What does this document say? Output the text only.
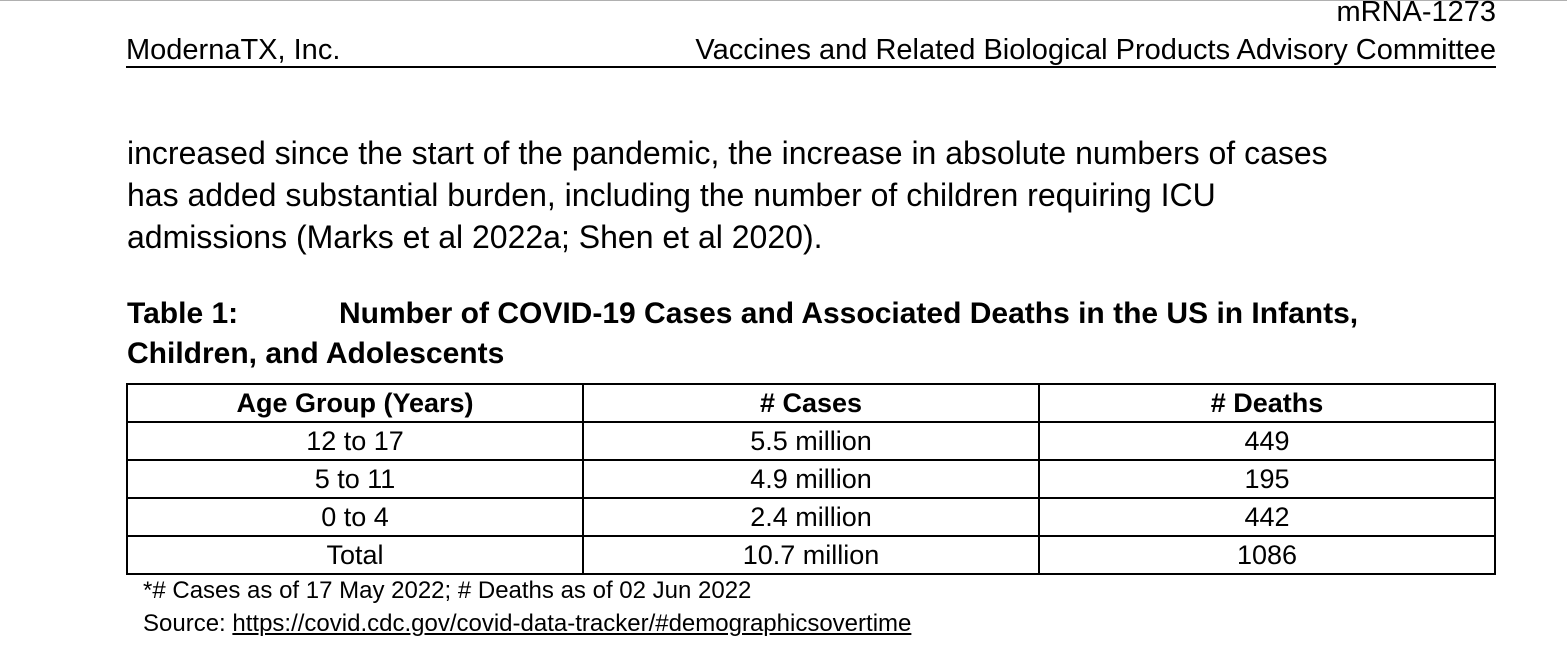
mRNA-1273
ModernaTX, Inc.	Vaccines and Related Biological Products Advisory Committee

increased since the start of the pandemic, the increase in absolute numbers of cases
has added substantial burden, including the number of children requiring ICU
admissions (Marks et al 2022a; Shen et al 2020).

Table 1:	Number of COVID-19 Cases and Associated Deaths in the US in Infants,
Children, and Adolescents
Age Group (Years)	# Cases	# Deaths
12 to 17	5.5 million	449
5 to 11	4.9 million	195
0 to 4	2.4 million	442
Total	10.7 million	1086
*# Cases as of 17 May 2022; # Deaths as of 02 Jun 2022
Source: https://covid.cdc.gov/covid-data-tracker/#demographicsovertime
